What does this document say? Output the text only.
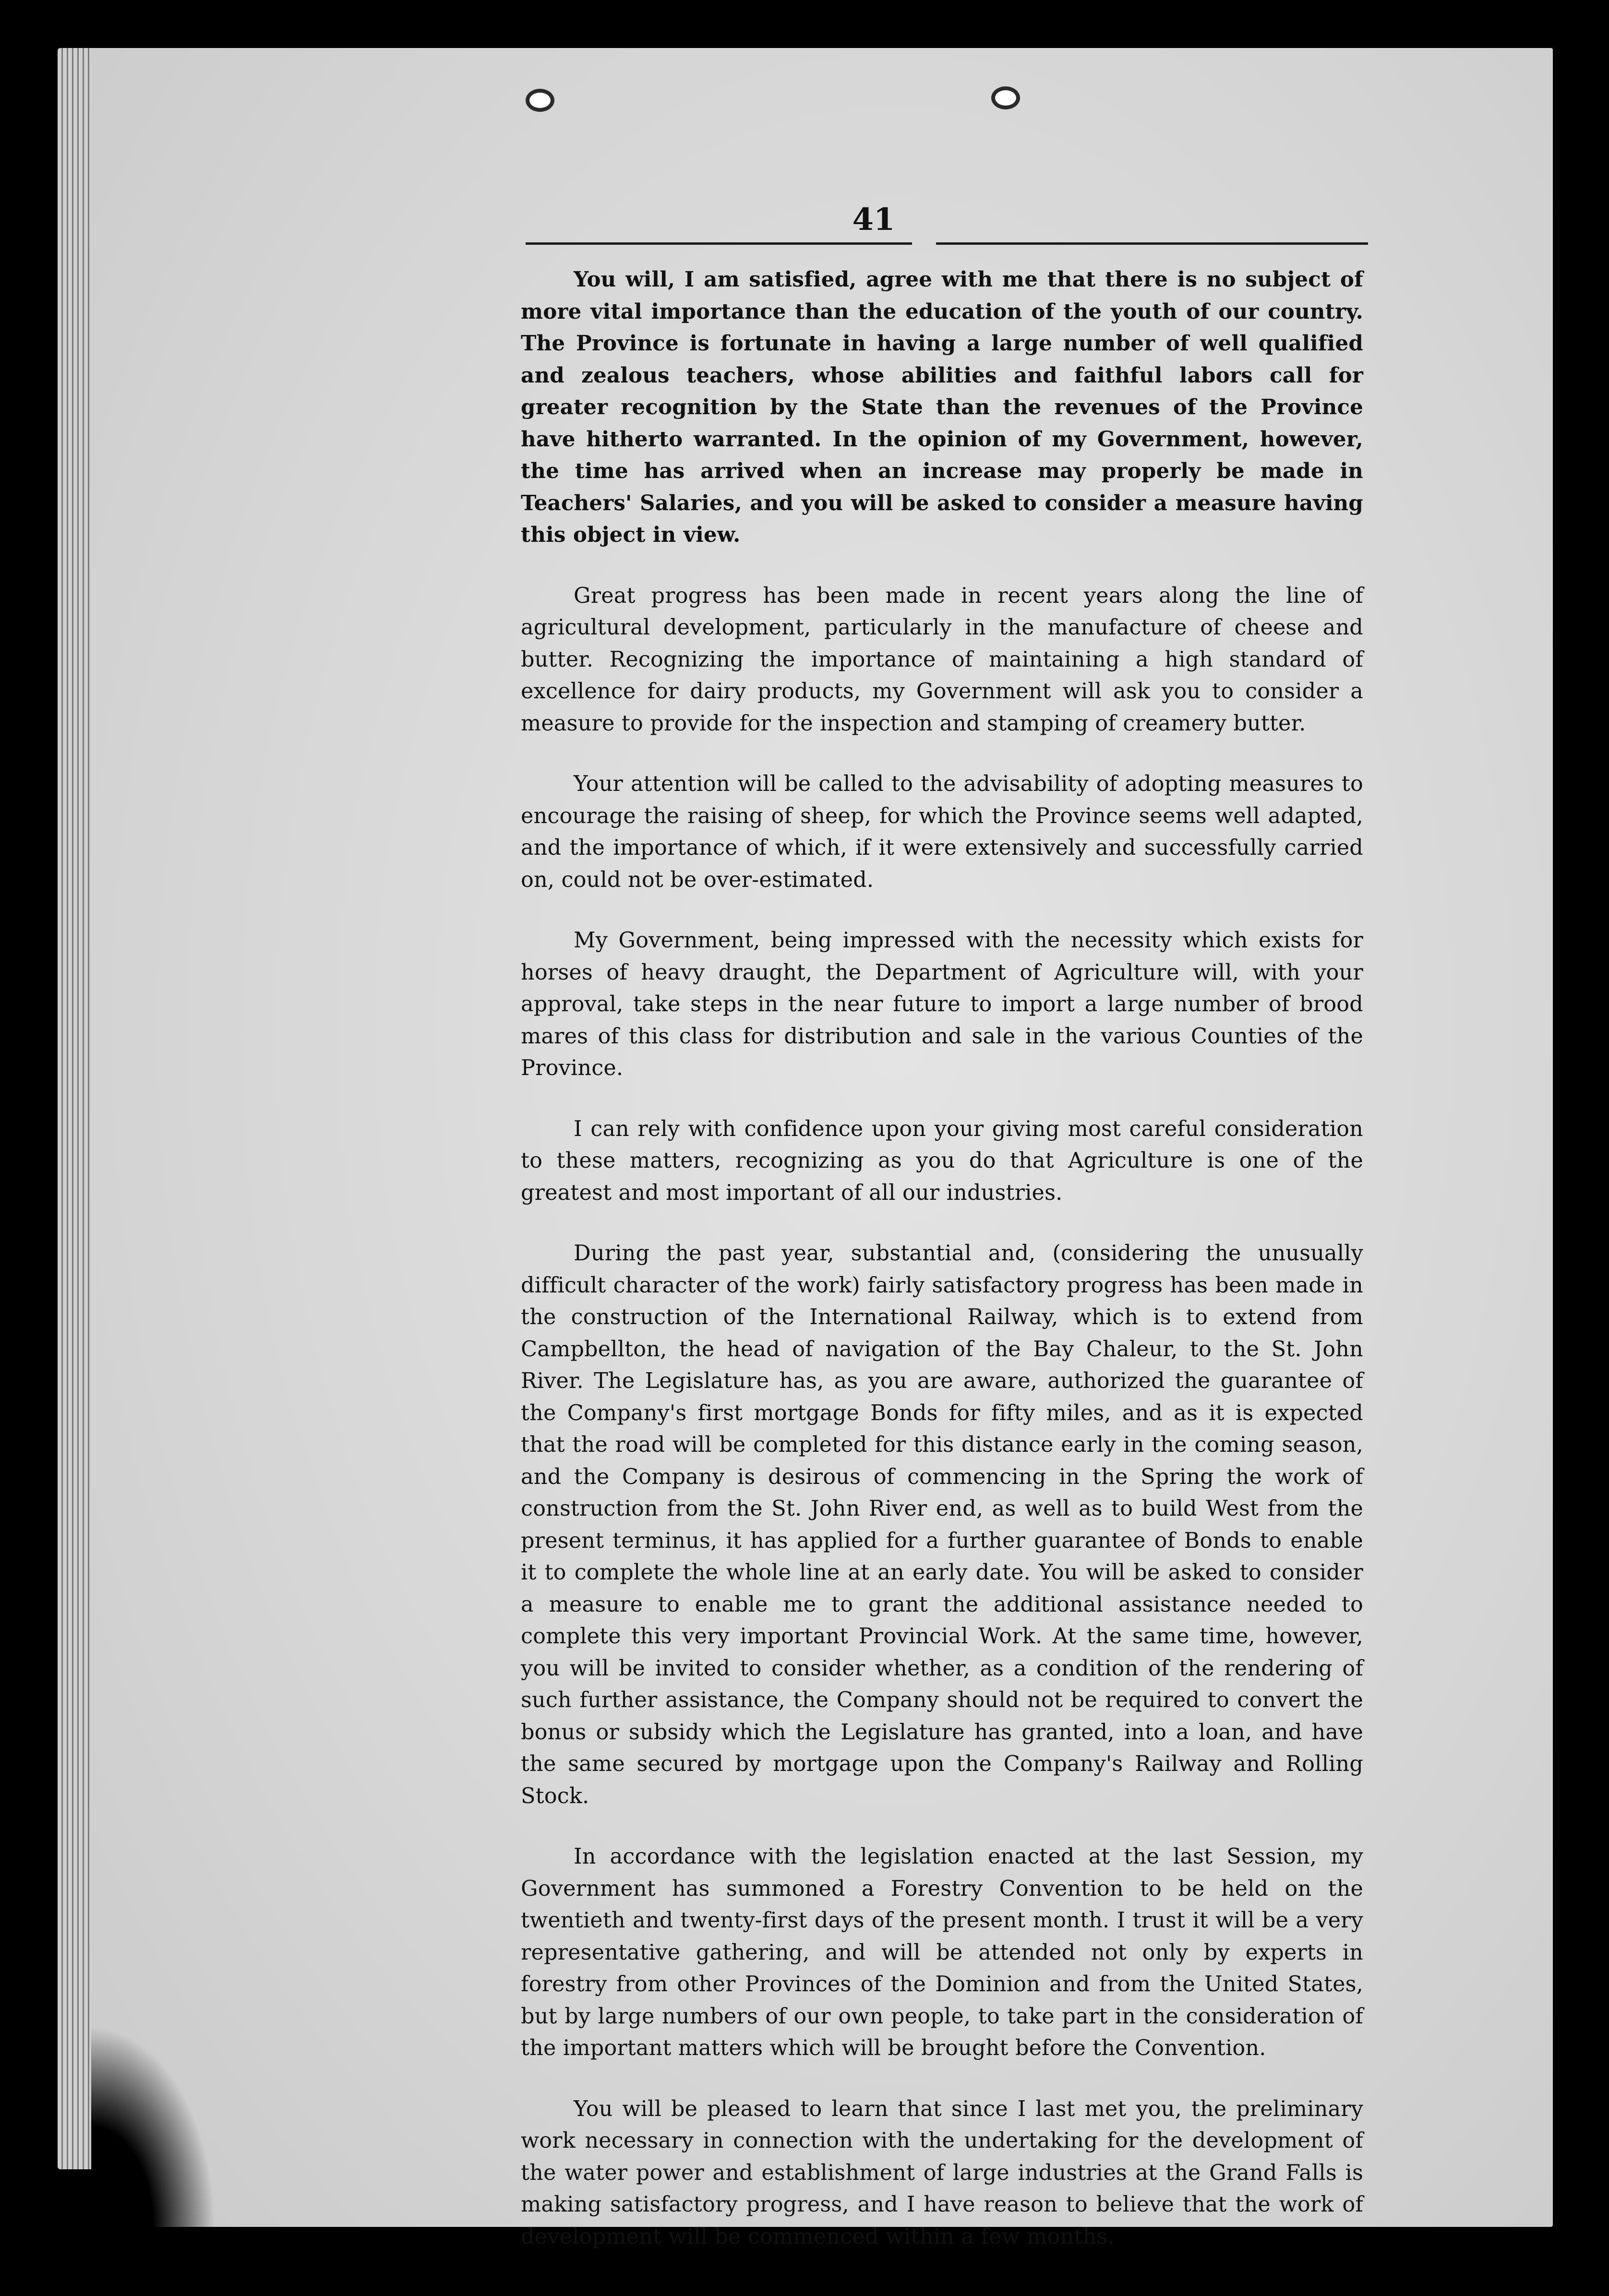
41

You will, I am satisfied, agree with me that there is no subject of more vital importance than the education of the youth of our country. The Province is fortunate in having a large number of well qualified and zealous teachers, whose abilities and faithful labors call for greater recognition by the State than the revenues of the Province have hitherto warranted. In the opinion of my Government, however, the time has arrived when an increase may properly be made in Teachers' Salaries, and you will be asked to consider a measure having this object in view.

Great progress has been made in recent years along the line of agricultural development, particularly in the manufacture of cheese and butter. Recognizing the importance of maintaining a high standard of excellence for dairy products, my Government will ask you to consider a measure to provide for the inspection and stamping of creamery butter.

Your attention will be called to the advisability of adopting measures to encourage the raising of sheep, for which the Province seems well adapted, and the importance of which, if it were extensively and successfully carried on, could not be over-estimated.

My Government, being impressed with the necessity which exists for horses of heavy draught, the Department of Agriculture will, with your approval, take steps in the near future to import a large number of brood mares of this class for distribution and sale in the various Counties of the Province.

I can rely with confidence upon your giving most careful consideration to these matters, recognizing as you do that Agriculture is one of the greatest and most important of all our industries.

During the past year, substantial and, (considering the unusually difficult character of the work) fairly satisfactory progress has been made in the construction of the International Railway, which is to extend from Campbellton, the head of navigation of the Bay Chaleur, to the St. John River. The Legislature has, as you are aware, authorized the guarantee of the Company's first mortgage Bonds for fifty miles, and as it is expected that the road will be completed for this distance early in the coming season, and the Company is desirous of commencing in the Spring the work of construction from the St. John River end, as well as to build West from the present terminus, it has applied for a further guarantee of Bonds to enable it to complete the whole line at an early date. You will be asked to consider a measure to enable me to grant the additional assistance needed to complete this very important Provincial Work. At the same time, however, you will be invited to consider whether, as a condition of the rendering of such further assistance, the Company should not be required to convert the bonus or subsidy which the Legislature has granted, into a loan, and have the same secured by mortgage upon the Company's Railway and Rolling Stock.

In accordance with the legislation enacted at the last Session, my Government has summoned a Forestry Convention to be held on the twentieth and twenty-first days of the present month. I trust it will be a very representative gathering, and will be attended not only by experts in forestry from other Provinces of the Dominion and from the United States, but by large numbers of our own people, to take part in the consideration of the important matters which will be brought before the Convention.

You will be pleased to learn that since I last met you, the preliminary work necessary in connection with the undertaking for the development of the water power and establishment of large industries at the Grand Falls is making satisfactory progress, and I have reason to believe that the work of development will be commenced within a few months.
